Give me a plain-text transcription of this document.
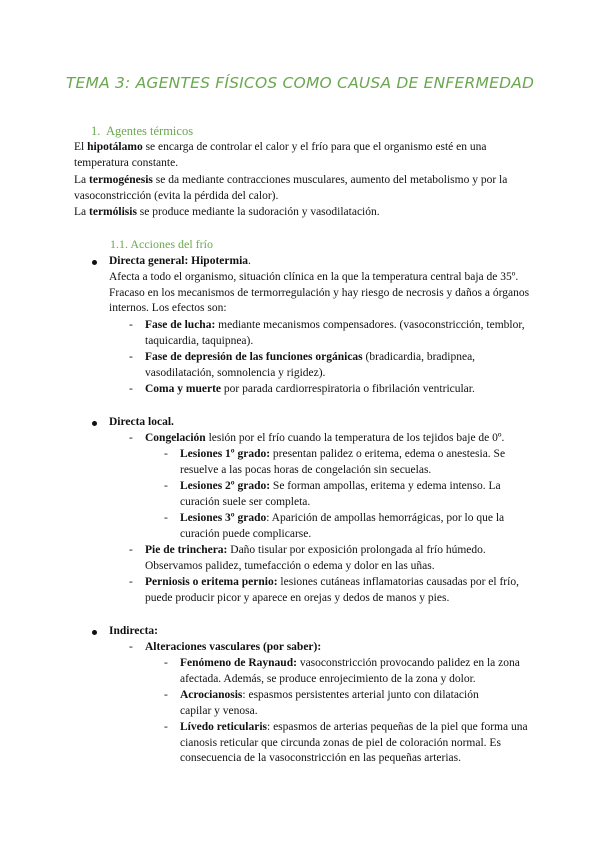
TEMA 3: AGENTES FÍSICOS COMO CAUSA DE ENFERMEDAD
1. Agentes térmicos

El hipotálamo se encarga de controlar el calor y el frío para que el organismo esté en una temperatura constante.

La termogénesis se da mediante contracciones musculares, aumento del metabolismo y por la vasoconstricción (evita la pérdida del calor).

La termólisis se produce mediante la sudoración y vasodilatación.

1.1. Acciones del frío

Directa general: Hipotermia.

Afecta a todo el organismo, situación clínica en la que la temperatura central baja de 35º. Fracaso en los mecanismos de termorregulación y hay riesgo de necrosis y daños a órganos internos. Los efectos son:

- Fase de lucha: mediante mecanismos compensadores. (vasoconstricción, temblor, taquicardia, taquipnea).

- Fase de depresión de las funciones orgánicas (bradicardia, bradipnea, vasodilatación, somnolencia y rigidez).

- Coma y muerte por parada cardiorrespiratoria o fibrilación ventricular.

Directa local.

- Congelación lesión por el frío cuando la temperatura de los tejidos baje de 0º.

- Lesiones 1º grado: presentan palidez o eritema, edema o anestesia. Se resuelve a las pocas horas de congelación sin secuelas.

- Lesiones 2º grado: Se forman ampollas, eritema y edema intenso. La curación suele ser completa.

- Lesiones 3º grado: Aparición de ampollas hemorrágicas, por lo que la curación puede complicarse.

- Pie de trinchera: Daño tisular por exposición prolongada al frío húmedo. Observamos palidez, tumefacción o edema y dolor en las uñas.

- Perniosis o eritema pernio: lesiones cutáneas inflamatorias causadas por el frío, puede producir picor y aparece en orejas y dedos de manos y pies.

Indirecta:

- Alteraciones vasculares (por saber):

- Fenómeno de Raynaud: vasoconstricción provocando palidez en la zona afectada. Además, se produce enrojecimiento de la zona y dolor.

- Acrocianosis: espasmos persistentes arterial junto con dilatación capilar y venosa.

- Lívedo reticularis: espasmos de arterias pequeñas de la piel que forma una cianosis reticular que circunda zonas de piel de coloración normal. Es consecuencia de la vasoconstricción en las pequeñas arterias.
